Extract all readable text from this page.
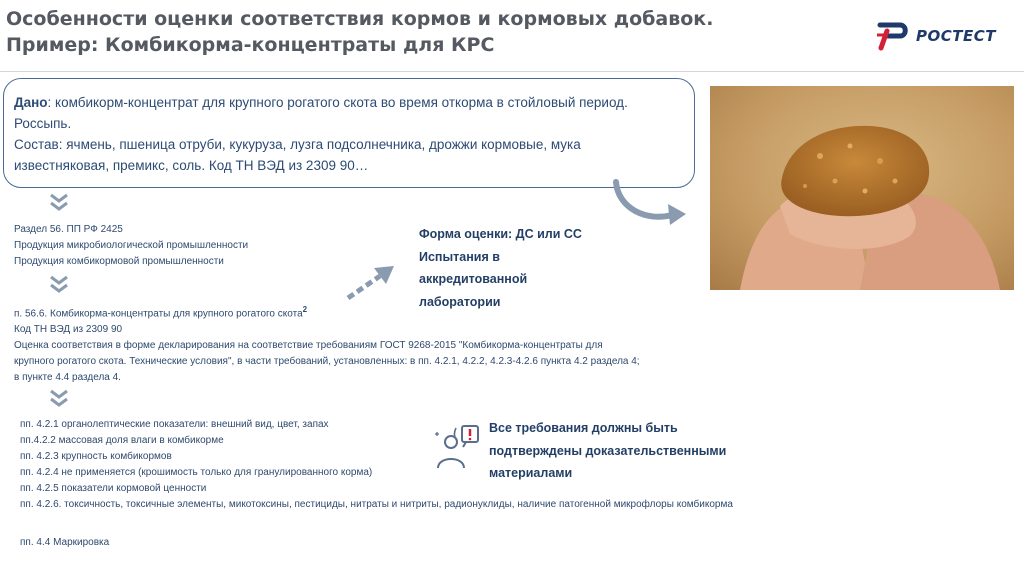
Особенности оценки соответствия кормов и кормовых добавок.
Пример: Комбикорма-концентраты для КРС	РОСТЕСТ
Дано: комбикорм-концентрат для крупного рогатого скота во время откорма в стойловый период.
Россыпь.
Состав: ячмень, пшеница отруби, кукуруза, лузга подсолнечника, дрожжи кормовые, мука
известняковая, премикс, соль. Код ТН ВЭД из 2309 90…
Раздел 56. ПП РФ 2425
Продукция микробиологической промышленности
Продукция комбикормовой промышленности
п. 56.6. Комбикорма-концентраты для крупного рогатого скота$^2$
Код ТН ВЭД из 2309 90
Оценка соответствия в форме декларирования на соответствие требованиям ГОСТ 9268-2015 "Комбикорма-концентраты для
крупного рогатого скота. Технические условия", в части требований, установленных: в пп. 4.2.1, 4.2.2, 4.2.3-4.2.6 пункта 4.2 раздела 4;
в пункте 4.4 раздела 4.
Форма оценки: ДС или СС
Испытания в
аккредитованной
лаборатории
пп. 4.2.1 органолептические показатели: внешний вид, цвет, запах
пп.4.2.2 массовая доля влаги в комбикорме
пп. 4.2.3 крупность комбикормов
пп. 4.2.4 не применяется (крошимость только для гранулированного корма)
пп. 4.2.5 показатели кормовой ценности
пп. 4.2.6. токсичность, токсичные элементы, микотоксины, пестициды, нитраты и нитриты, радионуклиды, наличие патогенной микрофлоры комбикорма
пп. 4.4 Маркировка
Все требования должны быть
подтверждены доказательственными
материалами
